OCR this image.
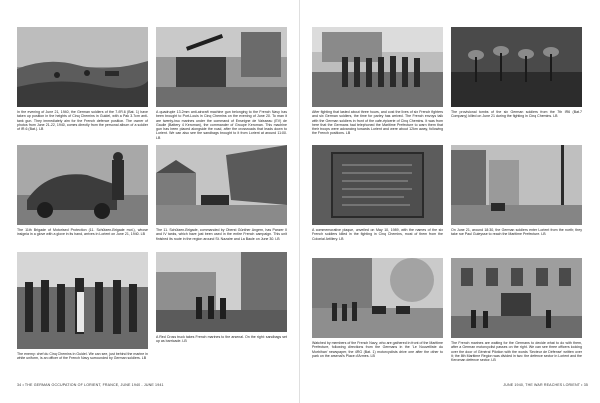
In the evening of June 21, 1940, the German soldiers of the 7./IR.6 (Bat. 1) have taken up position in the heights of Cinq Chemins in Guidel, with a Pak 3.7cm anti-tank gun. They immediately aim for the French defence position. The owner of photos from June 21-22, 1940, comes directly from the personal album of a soldier of IR.6 (Bat.). LB
A quadruple 13.2mm anti-aircraft machine gun belonging to the French Navy has been brought to Port-Louis in Cinq Chemins on the evening of June 20. To man it are twenty-two marines under the command of Enseigne de Vaisseau (EV) de Gaulle (Battery 4 Keroman), the commander of Groupe Keroman. This machine gun has been placed alongside the road, after the crossroads that leads down to Lorient. We can also see the sandbags brought to it from Lorient at around 11:00. LB
The 11th Brigade of Motorised Protection (11. Schützen-Brigade mot.), whose insignia in a glove with a glove in its hand, arrives in Lorient on June 21, 1940. LB
The 11. Schützen-Brigade, commanded by Oberst Günther Angern, has Panzer II and IV tanks, which have just been used in the entire French campaign. This unit finished its route in the region around St. Nazaire and La Baule on June 30. LB
The enemy: chef du Cinq Chemins in Guidel. We can see, just behind the marine in white uniform, is an officer of the French Navy surrounded by German soldiers. LB
A Red Cross truck takes French marines to the arsenal. On the right: sandbags set up as barricade. LB
34 • THE GERMAN OCCUPATION OF LORIENT, FRANCE, JUNE 1940 - JUNE 1941
After fighting that lasted about three hours, and cost the lives of six French fighters and six German soldiers, the time for parley has arrived. The French envoys talk with the German soldiers in front of the cafe-épicerie of Cinq Chemins. It was from here that the Germans had telephoned the Maritime Prefecture to warn them that their troops were advancing towards Lorient and were about 12km away, following the French positions. LB
The provisional tombs of the six German soldiers from the 7th IR6 (Bat.7 Company) killed on June 21 during the fighting in Cinq Chemins. LB
A commemorative plaque, unveiled on May 10, 1989, with the names of the six French soldiers killed in the fighting in Cinq Chemins, most of them from the Colonial Artillery. LB
On June 21, around 18:30, the German soldiers enter Lorient from the north; they take rue Paul Guieysse to reach the Maritime Prefecture. LB
Watched by members of the French Navy, who are gathered in front of the Maritime Prefecture, following directions from the Germans in the 'Le Nouvelliste du Morbihan' newspaper, the 4RG (Bat. 1) motorcyclists drive one after the other to park on the arsenal's Place d'Armes. LB
The French marines are waiting for the Germans to decide what to do with them, after a German motorcyclist passes on the right. We can see three officers looking over the door of Général Pilotion with the words 'Secteur de Défense' written over it; the 8th Maritime Region was divided in two: the defence sector in Lorient and the Keroman defence sector. LB
JUNE 1940, THE WAR REACHES LORIENT • 35
